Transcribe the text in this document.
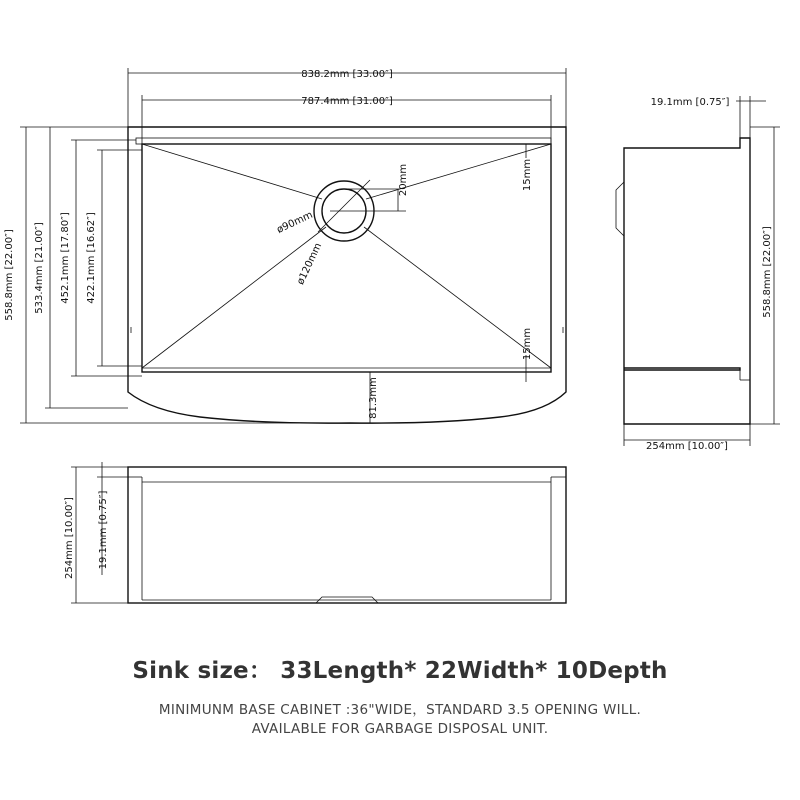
838.2mm [33.00″]
787.4mm [31.00″]
558.8mm [22.00″] 533.4mm [21.00″] 452.1mm [17.80″] 422.1mm [16.62″]	ø90mm
ø120mm
20mm	15mm
15mm
81.3mm
19.1mm [0.75″]
558.8mm [22.00″]
254mm [10.00″]
254mm [10.00″] 19.1mm [0.75″]
Sink size： 33Length* 22Width* 10Depth
MINIMUNM BASE CABINET :36"WIDE，STANDARD 3.5 OPENING WILL.
AVAILABLE FOR GARBAGE DISPOSAL UNIT.
